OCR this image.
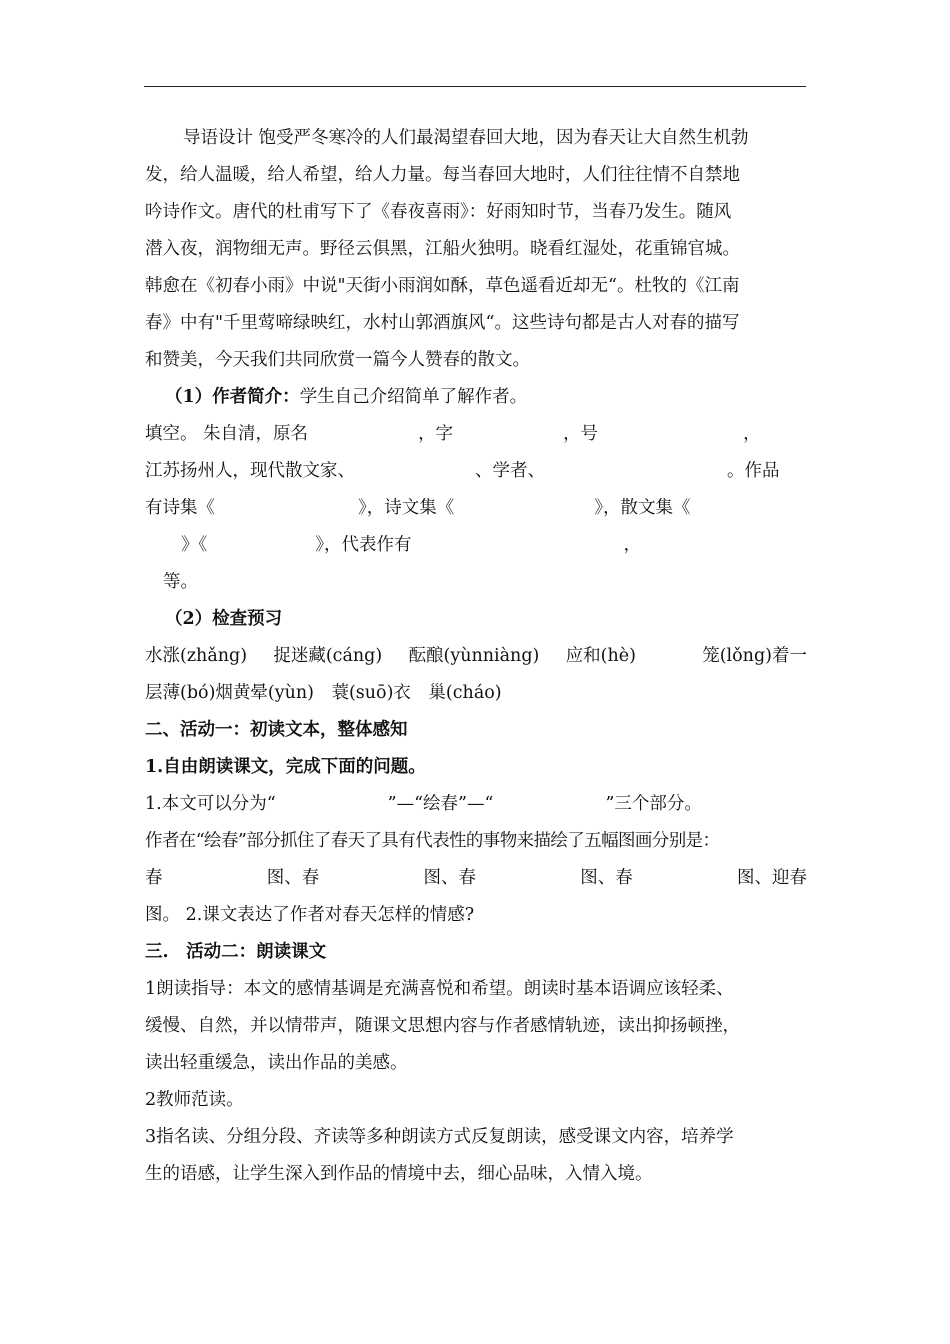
导语设计 饱受严冬寒冷的人们最渴望春回大地，因为春天让大自然生机勃

发，给人温暖，给人希望，给人力量。每当春回大地时，人们往往情不自禁地

吟诗作文。唐代的杜甫写下了《春夜喜雨》：好雨知时节，当春乃发生。随风

潜入夜，润物细无声。野径云俱黑，江船火独明。晓看红湿处，花重锦官城。

韩愈在《初春小雨》中说"天街小雨润如酥，草色遥看近却无“。杜牧的《江南

春》中有"千里莺啼绿映红，水村山郭酒旗风“。这些诗句都是古人对春的描写

和赞美，今天我们共同欣赏一篇今人赞春的散文。

（1）作者简介：学生自己介绍简单了解作者。

填空。 朱自清，原名	，字	，号	，

江苏扬州人，现代散文家、	、学者、	。作品

有诗集《	》，诗文集《	》，散文集《

》《	》，代表作有	，

等。

（2）检查预习

水涨(zhǎng) 捉迷藏(cáng) 酝酿(yùnniàng) 应和(hè)	笼(lǒng)着一

层薄(bó)烟黄晕(yùn)　蓑(suō)衣　巢(cháo)

二、活动一：初读文本，整体感知

1.自由朗读课文，完成下面的问题。

1.本文可以分为“	”—“绘春”—“	”三个部分。

作者在“绘春”部分抓住了春天了具有代表性的事物来描绘了五幅图画分别是：

春	图、春	图、春	图、春	图、迎春

图。 2.课文表达了作者对春天怎样的情感?

三.　活动二：朗读课文

1朗读指导：本文的感情基调是充满喜悦和希望。朗读时基本语调应该轻柔、

缓慢、自然，并以情带声，随课文思想内容与作者感情轨迹，读出抑扬顿挫，

读出轻重缓急，读出作品的美感。

2教师范读。

3指名读、分组分段、齐读等多种朗读方式反复朗读，感受课文内容，培养学

生的语感，让学生深入到作品的情境中去，细心品味，入情入境。
